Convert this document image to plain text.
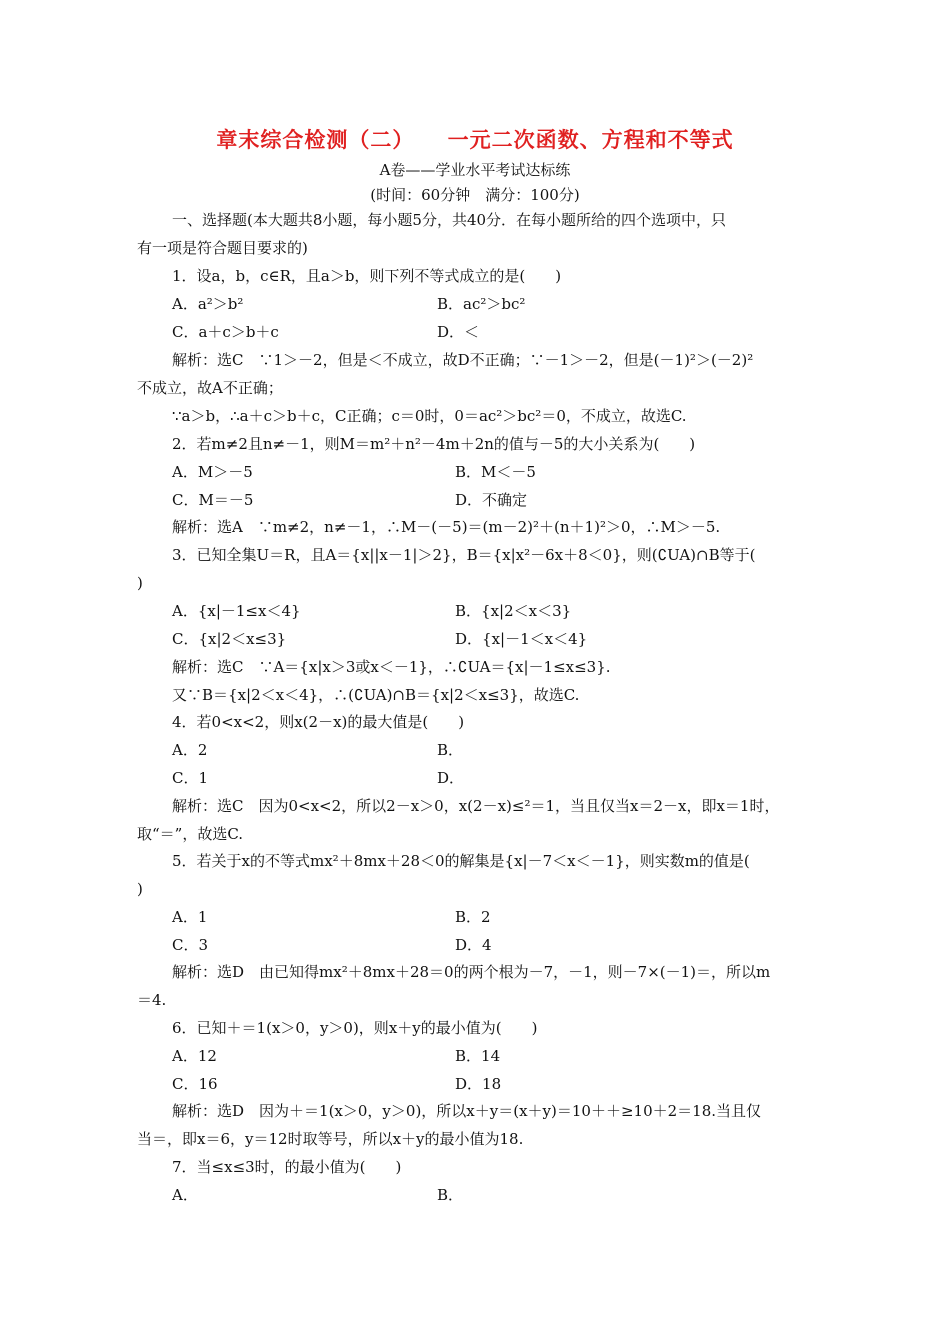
章末综合检测（二）    一元二次函数、方程和不等式
A卷——学业水平考试达标练
(时间：60分钟　满分：100分)
一、选择题(本大题共8小题，每小题5分，共40分．在每小题所给的四个选项中，只
有一项是符合题目要求的)
1．设a，b，c∈R，且a＞b，则下列不等式成立的是(　　)
A．a²＞b²	B．ac²＞bc²
C．a＋c＞b＋c	D．＜
解析：选C　∵1＞－2，但是＜不成立，故D不正确；∵－1＞－2，但是(－1)²＞(－2)²
不成立，故A不正确；
∵a＞b，∴a＋c＞b＋c，C正确；c＝0时，0＝ac²＞bc²＝0，不成立，故选C.
2．若m≠2且n≠－1，则M＝m²＋n²－4m＋2n的值与－5的大小关系为(　　)
A．M＞－5	B．M＜－5
C．M＝－5	D．不确定
解析：选A　∵m≠2，n≠－1，∴M－(－5)＝(m－2)²＋(n＋1)²＞0，∴M＞－5.
3．已知全集U＝R，且A＝{x||x－1|＞2}，B＝{x|x²－6x＋8＜0}，则(∁UA)∩B等于(
)
A．{x|－1≤x＜4}	B．{x|2＜x＜3}
C．{x|2＜x≤3}	D．{x|－1＜x＜4}
解析：选C　∵A＝{x|x＞3或x＜－1}，∴∁UA＝{x|－1≤x≤3}.
又∵B＝{x|2＜x＜4}，∴(∁UA)∩B＝{x|2＜x≤3}，故选C.
4．若0<x<2，则x(2－x)的最大值是(　　)
A．2	B．
C．1	D．
解析：选C　因为0<x<2，所以2－x＞0，x(2－x)≤²＝1，当且仅当x＝2－x，即x＝1时，
取“＝”，故选C.
5．若关于x的不等式mx²＋8mx＋28＜0的解集是{x|－7＜x＜－1}，则实数m的值是(
)
A．1	B．2
C．3	D．4
解析：选D　由已知得mx²＋8mx＋28＝0的两个根为－7，－1，则－7×(－1)＝，所以m
＝4.
6．已知＋＝1(x＞0，y＞0)，则x＋y的最小值为(　　)
A．12	B．14
C．16	D．18
解析：选D　因为＋＝1(x＞0，y＞0)，所以x＋y＝(x＋y)＝10＋＋≥10＋2＝18.当且仅
当＝，即x＝6，y＝12时取等号，所以x＋y的最小值为18.
7．当≤x≤3时，的最小值为(　　)
A．	B．
